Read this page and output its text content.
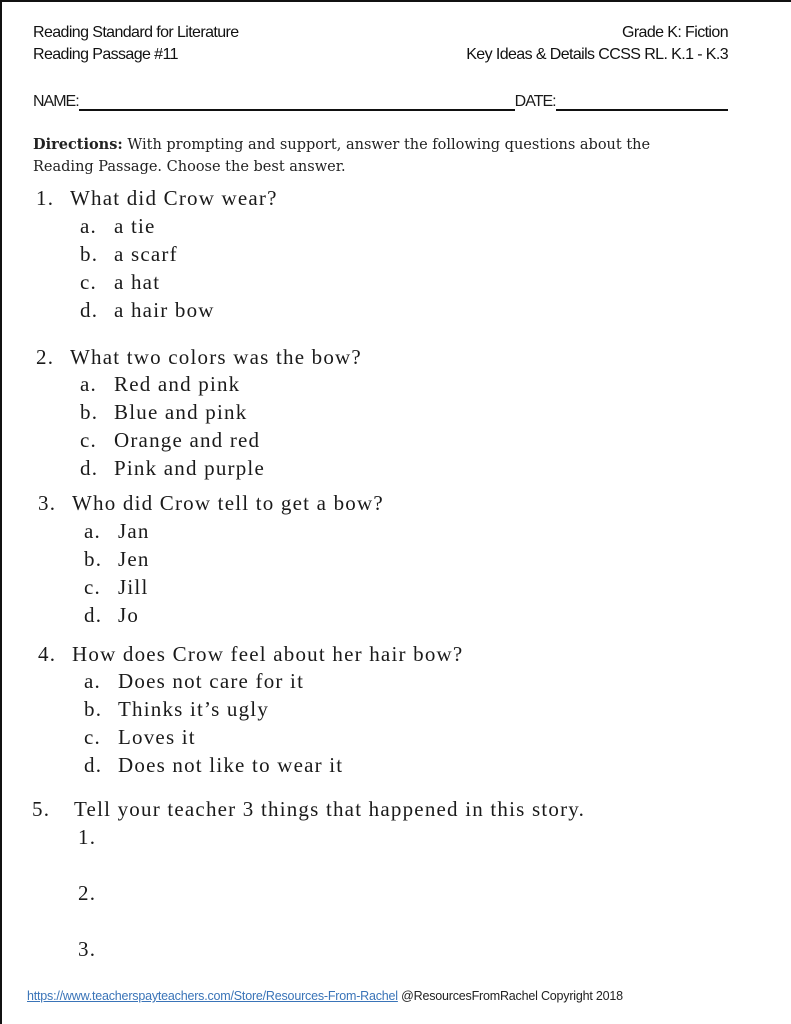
Reading Standard for Literature
Reading Passage #11
Grade K: Fiction
Key Ideas & Details CCSS RL. K.1 - K.3
NAME:	DATE:
Directions: With prompting and support, answer the following questions about the Reading Passage. Choose the best answer.
1. What did Crow wear?
a. a tie
b. a scarf
c. a hat
d. a hair bow
2. What two colors was the bow?
a. Red and pink
b. Blue and pink
c. Orange and red
d. Pink and purple
3. Who did Crow tell to get a bow?
a. Jan
b. Jen
c. Jill
d. Jo
4. How does Crow feel about her hair bow?
a. Does not care for it
b. Thinks it’s ugly
c. Loves it
d. Does not like to wear it
5. Tell your teacher 3 things that happened in this story.
1.
2.
3.
https://www.teacherspayteachers.com/Store/Resources-From-Rachel @ResourcesFromRachel Copyright 2018
